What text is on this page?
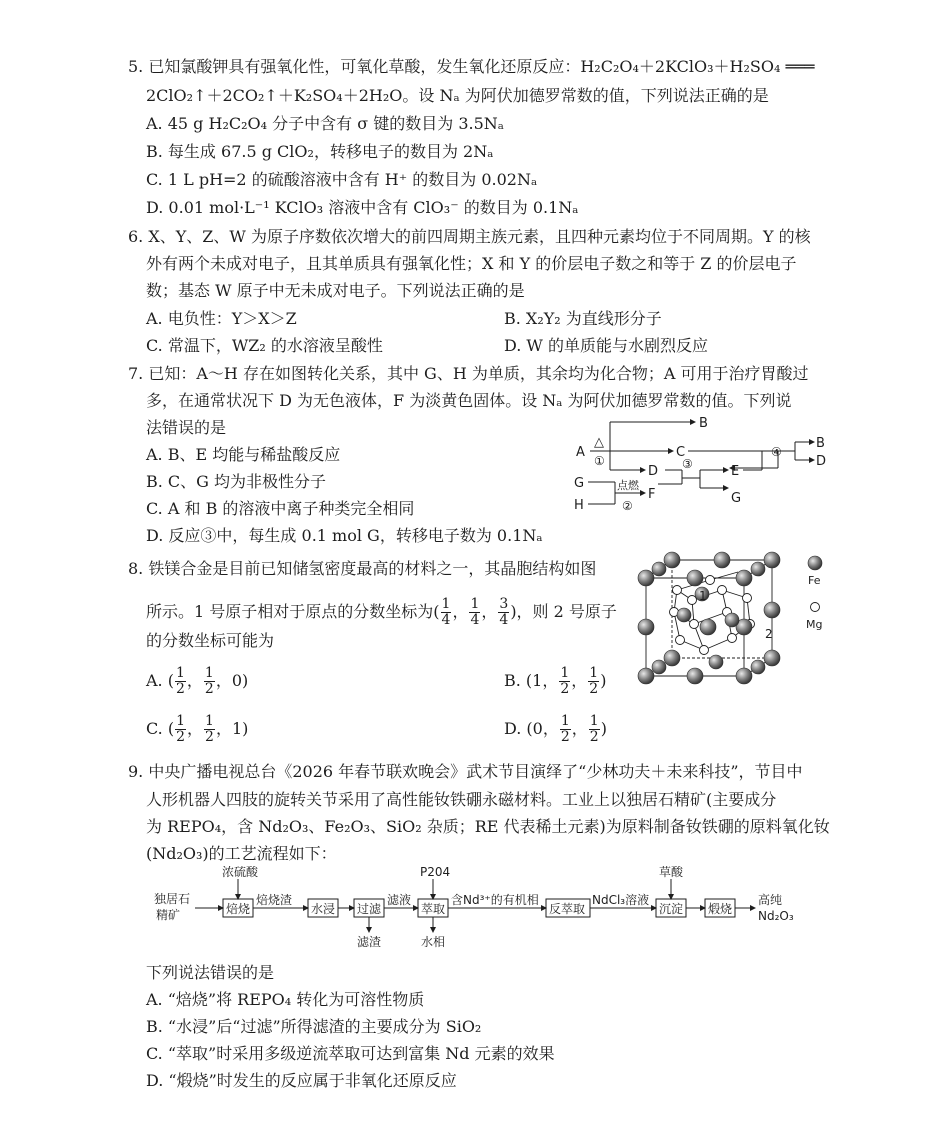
5. 已知氯酸钾具有强氧化性，可氧化草酸，发生氧化还原反应：H₂C₂O₄＋2KClO₃＋H₂SO₄ ═══
2ClO₂↑＋2CO₂↑＋K₂SO₄＋2H₂O。设 Nₐ 为阿伏加德罗常数的值，下列说法正确的是
A. 45 g H₂C₂O₄ 分子中含有 σ 键的数目为 3.5Nₐ
B. 每生成 67.5 g ClO₂，转移电子的数目为 2Nₐ
C. 1 L pH=2 的硫酸溶液中含有 H⁺ 的数目为 0.02Nₐ
D. 0.01 mol·L⁻¹ KClO₃ 溶液中含有 ClO₃⁻ 的数目为 0.1Nₐ
6. X、Y、Z、W 为原子序数依次增大的前四周期主族元素，且四种元素均位于不同周期。Y 的核
外有两个未成对电子，且其单质具有强氧化性；X 和 Y 的价层电子数之和等于 Z 的价层电子
数；基态 W 原子中无未成对电子。下列说法正确的是
A. 电负性：Y＞X＞Z	B. X₂Y₂ 为直线形分子
C. 常温下，WZ₂ 的水溶液呈酸性	D. W 的单质能与水剧烈反应
7. 已知：A～H 存在如图转化关系，其中 G、H 为单质，其余均为化合物；A 可用于治疗胃酸过
多，在通常状况下 D 为无色液体，F 为淡黄色固体。设 Nₐ 为阿伏加德罗常数的值。下列说
法错误的是
A. B、E 均能与稀盐酸反应
B. C、G 均为非极性分子
C. A 和 B 的溶液中离子种类完全相同
D. 反应③中，每生成 0.1 mol G，转移电子数为 0.1Nₐ
A
△
①
B
C
D ③	E
G
④
B
D
G
H
点燃
F
②
8. 铁镁合金是目前已知储氢密度最高的材料之一，其晶胞结构如图
所示。1 号原子相对于原点的分数坐标为( $\frac{1}{4}$ ， $\frac{1}{4}$ ， $\frac{3}{4}$ )，则 2 号原子
的分数坐标可能为
A. ( $\frac{1}{2}$ ， $\frac{1}{2}$ ，0)	B. (1， $\frac{1}{2}$ ， $\frac{1}{2}$ )
C. ( $\frac{1}{2}$ ， $\frac{1}{2}$ ，1)	D. (0， $\frac{1}{2}$ ， $\frac{1}{2}$ )
1
2
Fe
Mg
9. 中央广播电视总台《2026 年春节联欢晚会》武术节目演绎了“少林功夫＋未来科技”，节目中
人形机器人四肢的旋转关节采用了高性能钕铁硼永磁材料。工业上以独居石精矿(主要成分
为 REPO₄，含 Nd₂O₃、Fe₂O₃、SiO₂ 杂质；RE 代表稀土元素)为原料制备钕铁硼的原料氧化钕
(Nd₂O₃)的工艺流程如下：
独居石
精矿
浓硫酸
焙烧
焙烧渣
水浸 过滤
滤液
滤渣
P204
萃取
含Nd³⁺的有机相
水相
反萃取
NdCl₃溶液
草酸
沉淀 煅烧
高纯
Nd₂O₃
下列说法错误的是
A. “焙烧”将 REPO₄ 转化为可溶性物质
B. “水浸”后“过滤”所得滤渣的主要成分为 SiO₂
C. “萃取”时采用多级逆流萃取可达到富集 Nd 元素的效果
D. “煅烧”时发生的反应属于非氧化还原反应
